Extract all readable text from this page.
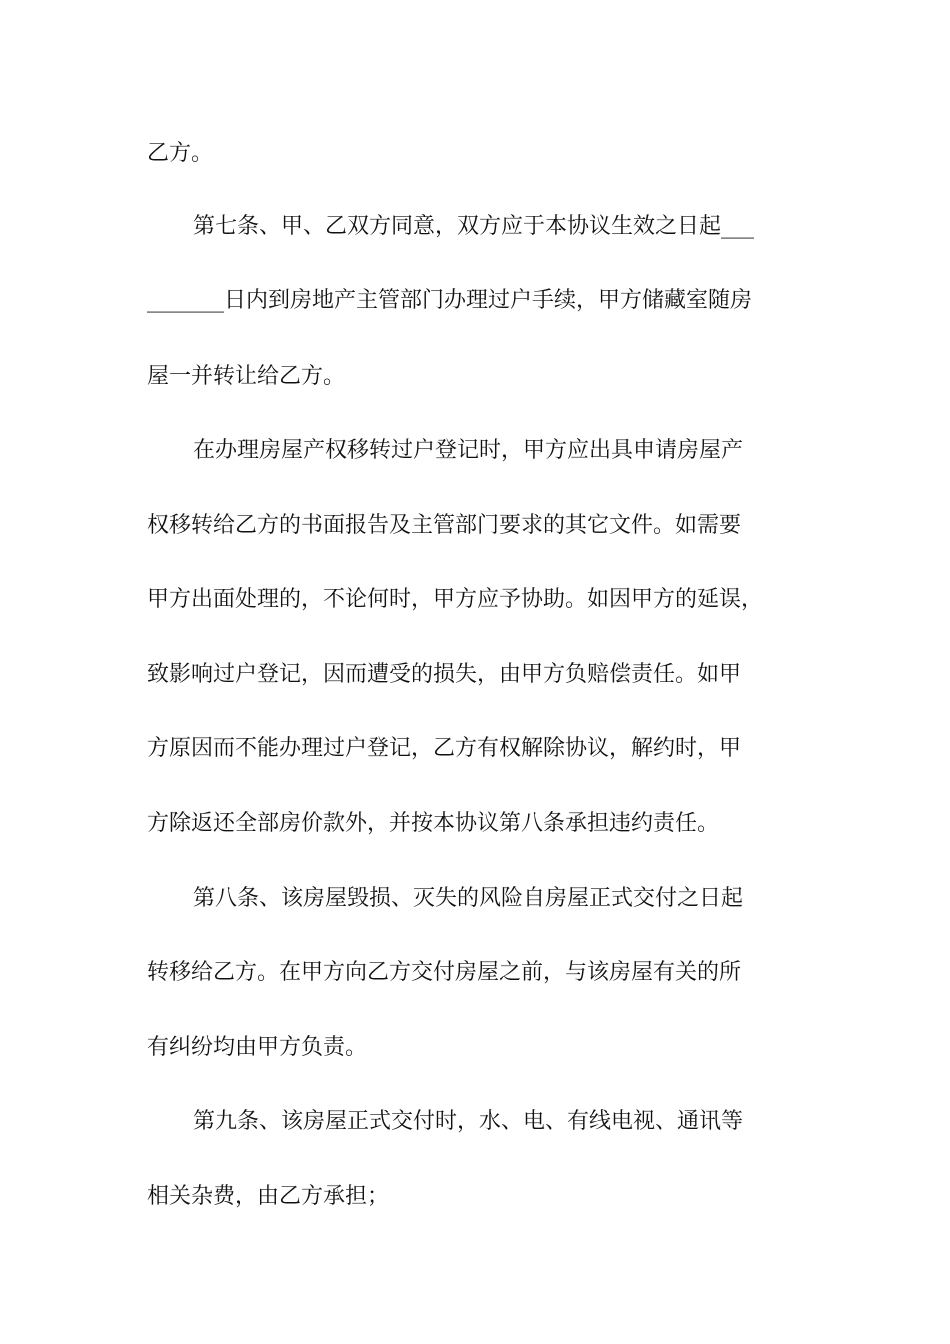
乙方。
第七条、甲、乙双方同意，双方应于本协议生效之日起___
_______日内到房地产主管部门办理过户手续，甲方储藏室随房
屋一并转让给乙方。
在办理房屋产权移转过户登记时，甲方应出具申请房屋产
权移转给乙方的书面报告及主管部门要求的其它文件。如需要
甲方出面处理的，不论何时，甲方应予协助。如因甲方的延误，
致影响过户登记，因而遭受的损失，由甲方负赔偿责任。如甲
方原因而不能办理过户登记，乙方有权解除协议，解约时，甲
方除返还全部房价款外，并按本协议第八条承担违约责任。
第八条、该房屋毁损、灭失的风险自房屋正式交付之日起
转移给乙方。在甲方向乙方交付房屋之前，与该房屋有关的所
有纠纷均由甲方负责。
第九条、该房屋正式交付时，水、电、有线电视、通讯等
相关杂费，由乙方承担；
